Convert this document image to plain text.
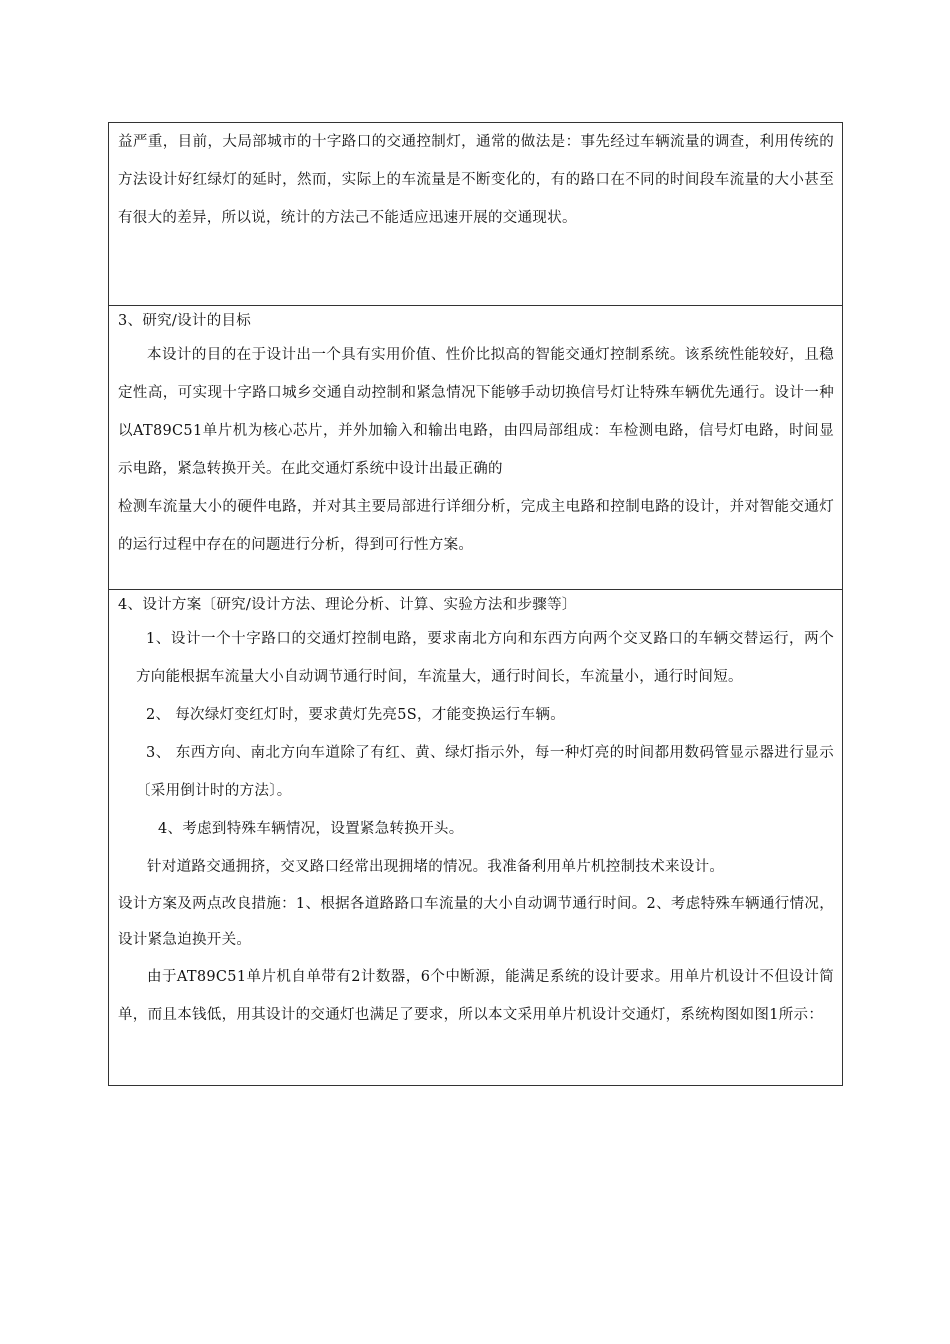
益严重，目前，大局部城市的十字路口的交通控制灯，通常的做法是：事先经过车辆流量的调查，利用传统的方法设计好红绿灯的延时，然而，实际上的车流量是不断变化的，有的路口在不同的时间段车流量的大小甚至有很大的差异，所以说，统计的方法己不能适应迅速开展的交通现状。

3、研究/设计的目标

本设计的目的在于设计出一个具有实用价值、性价比拟高的智能交通灯控制系统。该系统性能较好，且稳定性高，可实现十字路口城乡交通自动控制和紧急情况下能够手动切换信号灯让特殊车辆优先通行。设计一种以AT89C51单片机为核心芯片，并外加输入和输出电路，由四局部组成：车检测电路，信号灯电路，时间显示电路，紧急转换开关。在此交通灯系统中设计出最正确的

检测车流量大小的硬件电路，并对其主要局部进行详细分析，完成主电路和控制电路的设计，并对智能交通灯的运行过程中存在的问题进行分析，得到可行性方案。

4、设计方案〔研究/设计方法、理论分析、计算、实验方法和步骤等〕

1、设计一个十字路口的交通灯控制电路，要求南北方向和东西方向两个交叉路口的车辆交替运行，两个方向能根据车流量大小自动调节通行时间，车流量大，通行时间长，车流量小，通行时间短。

2、 每次绿灯变红灯时，要求黄灯先亮5S，才能变换运行车辆。

3、 东西方向、南北方向车道除了有红、黄、绿灯指示外，每一种灯亮的时间都用数码管显示器进行显示〔采用倒计时的方法〕。

4、考虑到特殊车辆情况，设置紧急转换开头。

针对道路交通拥挤，交叉路口经常出现拥堵的情况。我准备利用单片机控制技术来设计。

设计方案及两点改良措施：1、根据各道路路口车流量的大小自动调节通行时间。2、考虑特殊车辆通行情况，设计紧急迫换开关。

由于AT89C51单片机自单带有2计数器，6个中断源，能满足系统的设计要求。用单片机设计不但设计简单，而且本钱低，用其设计的交通灯也满足了要求，所以本文采用单片机设计交通灯，系统构图如图1所示：
